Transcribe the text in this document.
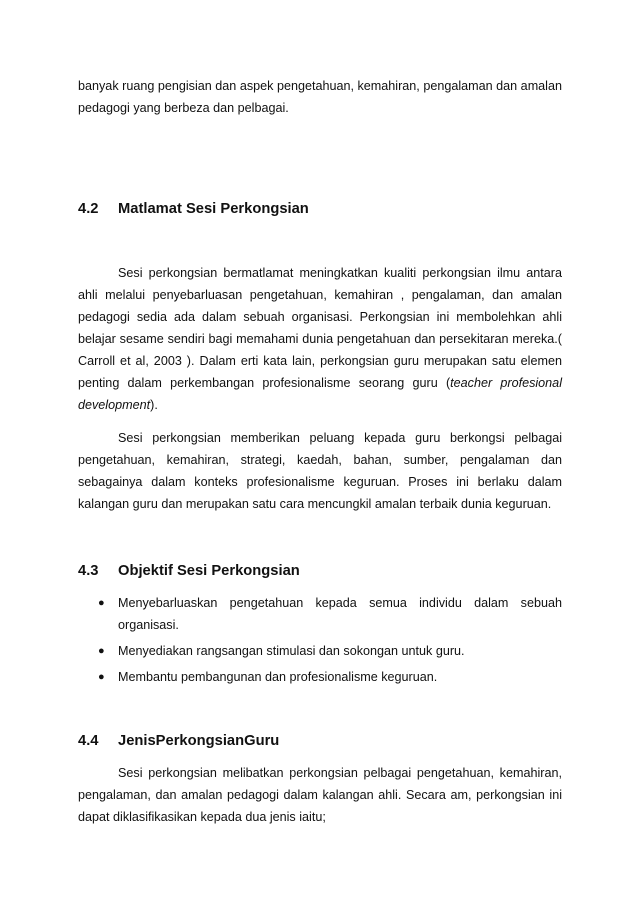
banyak ruang pengisian dan aspek pengetahuan, kemahiran, pengalaman dan amalan pedagogi yang berbeza dan pelbagai.

4.2 Matlamat Sesi Perkongsian

Sesi perkongsian bermatlamat meningkatkan kualiti perkongsian ilmu antara ahli melalui penyebarluasan pengetahuan, kemahiran , pengalaman, dan amalan pedagogi sedia ada dalam sebuah organisasi. Perkongsian ini membolehkan ahli belajar sesame sendiri bagi memahami dunia pengetahuan dan persekitaran mereka.( Carroll et al, 2003 ). Dalam erti kata lain, perkongsian guru merupakan satu elemen penting dalam perkembangan profesionalisme seorang guru (teacher profesional development).

Sesi perkongsian memberikan peluang kepada guru berkongsi pelbagai pengetahuan, kemahiran, strategi, kaedah, bahan, sumber, pengalaman dan sebagainya dalam konteks profesionalisme keguruan. Proses ini berlaku dalam kalangan guru dan merupakan satu cara mencungkil amalan terbaik dunia keguruan.

4.3 Objektif Sesi Perkongsian
● Menyebarluaskan pengetahuan kepada semua individu dalam sebuah organisasi.
● Menyediakan rangsangan stimulasi dan sokongan untuk guru.
● Membantu pembangunan dan profesionalisme keguruan.
4.4 JenisPerkongsianGuru

Sesi perkongsian melibatkan perkongsian pelbagai pengetahuan, kemahiran, pengalaman, dan amalan pedagogi dalam kalangan ahli. Secara am, perkongsian ini dapat diklasifikasikan kepada dua jenis iaitu;
